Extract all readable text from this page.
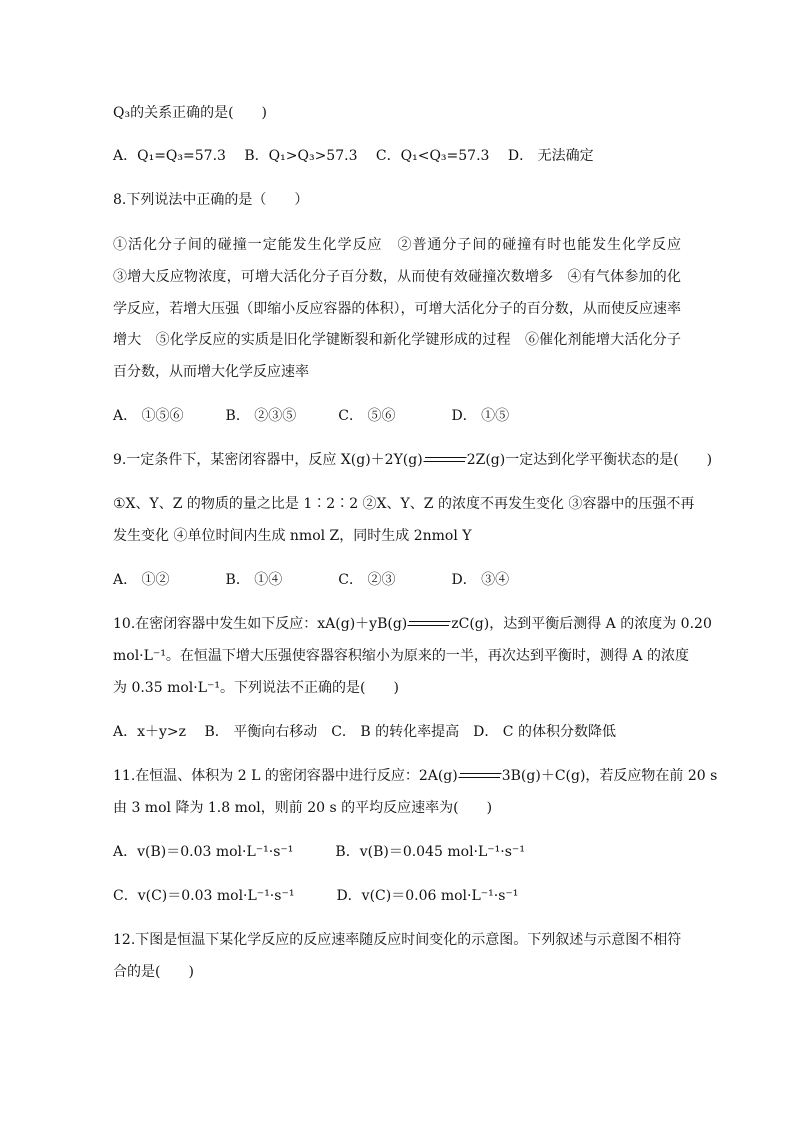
Q₃的关系正确的是(　　)
A．Q₁=Q₃=57.3　 B．Q₁>Q₃>57.3　 C．Q₁<Q₃=57.3　 D． 无法确定
8.下列说法中正确的是（　　）
①活化分子间的碰撞一定能发生化学反应　②普通分子间的碰撞有时也能发生化学反应
③增大反应物浓度，可增大活化分子百分数，从而使有效碰撞次数增多　④有气体参加的化
学反应，若增大压强（即缩小反应容器的体积），可增大活化分子的百分数，从而使反应速率
增大　⑤化学反应的实质是旧化学键断裂和新化学键形成的过程　⑥催化剂能增大活化分子
百分数，从而增大化学反应速率
A． ①⑤⑥　　　B． ②③⑤　　　C． ⑤⑥　　　　D． ①⑤
9.一定条件下，某密闭容器中，反应 X(g)＋2Y(g)	2Z(g)一定达到化学平衡状态的是(　　)
①X、Y、Z 的物质的量之比是 1∶2∶2 ②X、Y、Z 的浓度不再发生变化 ③容器中的压强不再
发生变化 ④单位时间内生成 nmol Z，同时生成 2nmol Y
A． ①②　　　　B． ①④　　　　C． ②③　　　　D． ③④
10.在密闭容器中发生如下反应：xA(g)＋yB(g)	zC(g)，达到平衡后测得 A 的浓度为 0.20
mol·L⁻¹。在恒温下增大压强使容器容积缩小为原来的一半，再次达到平衡时，测得 A 的浓度
为 0.35 mol·L⁻¹。下列说法不正确的是(　　)
A．x＋y>z　 B． 平衡向右移动　C． B 的转化率提高　D． C 的体积分数降低
11.在恒温、体积为 2 L 的密闭容器中进行反应：2A(g)	3B(g)＋C(g)，若反应物在前 20 s
由 3 mol 降为 1.8 mol，则前 20 s 的平均反应速率为(　　)
A．v(B)＝0.03 mol·L⁻¹·s⁻¹　　　B．v(B)＝0.045 mol·L⁻¹·s⁻¹
C．v(C)＝0.03 mol·L⁻¹·s⁻¹　　　D．v(C)＝0.06 mol·L⁻¹·s⁻¹
12.下图是恒温下某化学反应的反应速率随反应时间变化的示意图。下列叙述与示意图不相符
合的是(　　)
